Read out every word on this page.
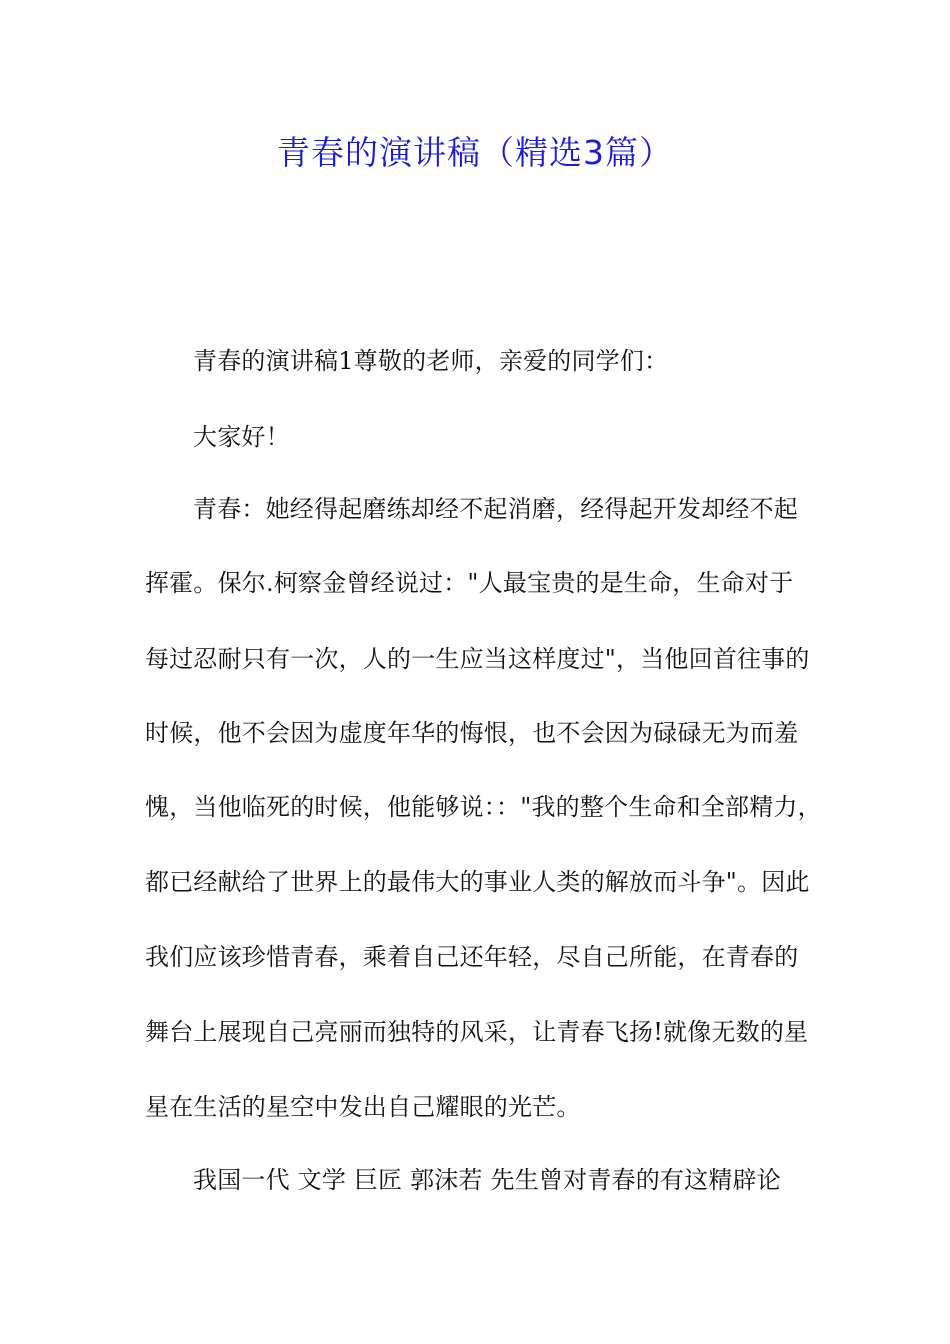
青春的演讲稿（精选3篇）
青春的演讲稿1尊敬的老师，亲爱的同学们：
大家好！
青春：她经得起磨练却经不起消磨，经得起开发却经不起
挥霍。保尔.柯察金曾经说过："人最宝贵的是生命，生命对于
每过忍耐只有一次，人的一生应当这样度过"，当他回首往事的
时候，他不会因为虚度年华的悔恨，也不会因为碌碌无为而羞
愧，当他临死的时候，他能够说：："我的整个生命和全部精力，
都已经献给了世界上的最伟大的事业人类的解放而斗争"。因此
我们应该珍惜青春，乘着自己还年轻，尽自己所能，在青春的
舞台上展现自己亮丽而独特的风采，让青春飞扬!就像无数的星
星在生活的星空中发出自己耀眼的光芒。
我国一代 文学 巨匠 郭沫若 先生曾对青春的有这精辟论
